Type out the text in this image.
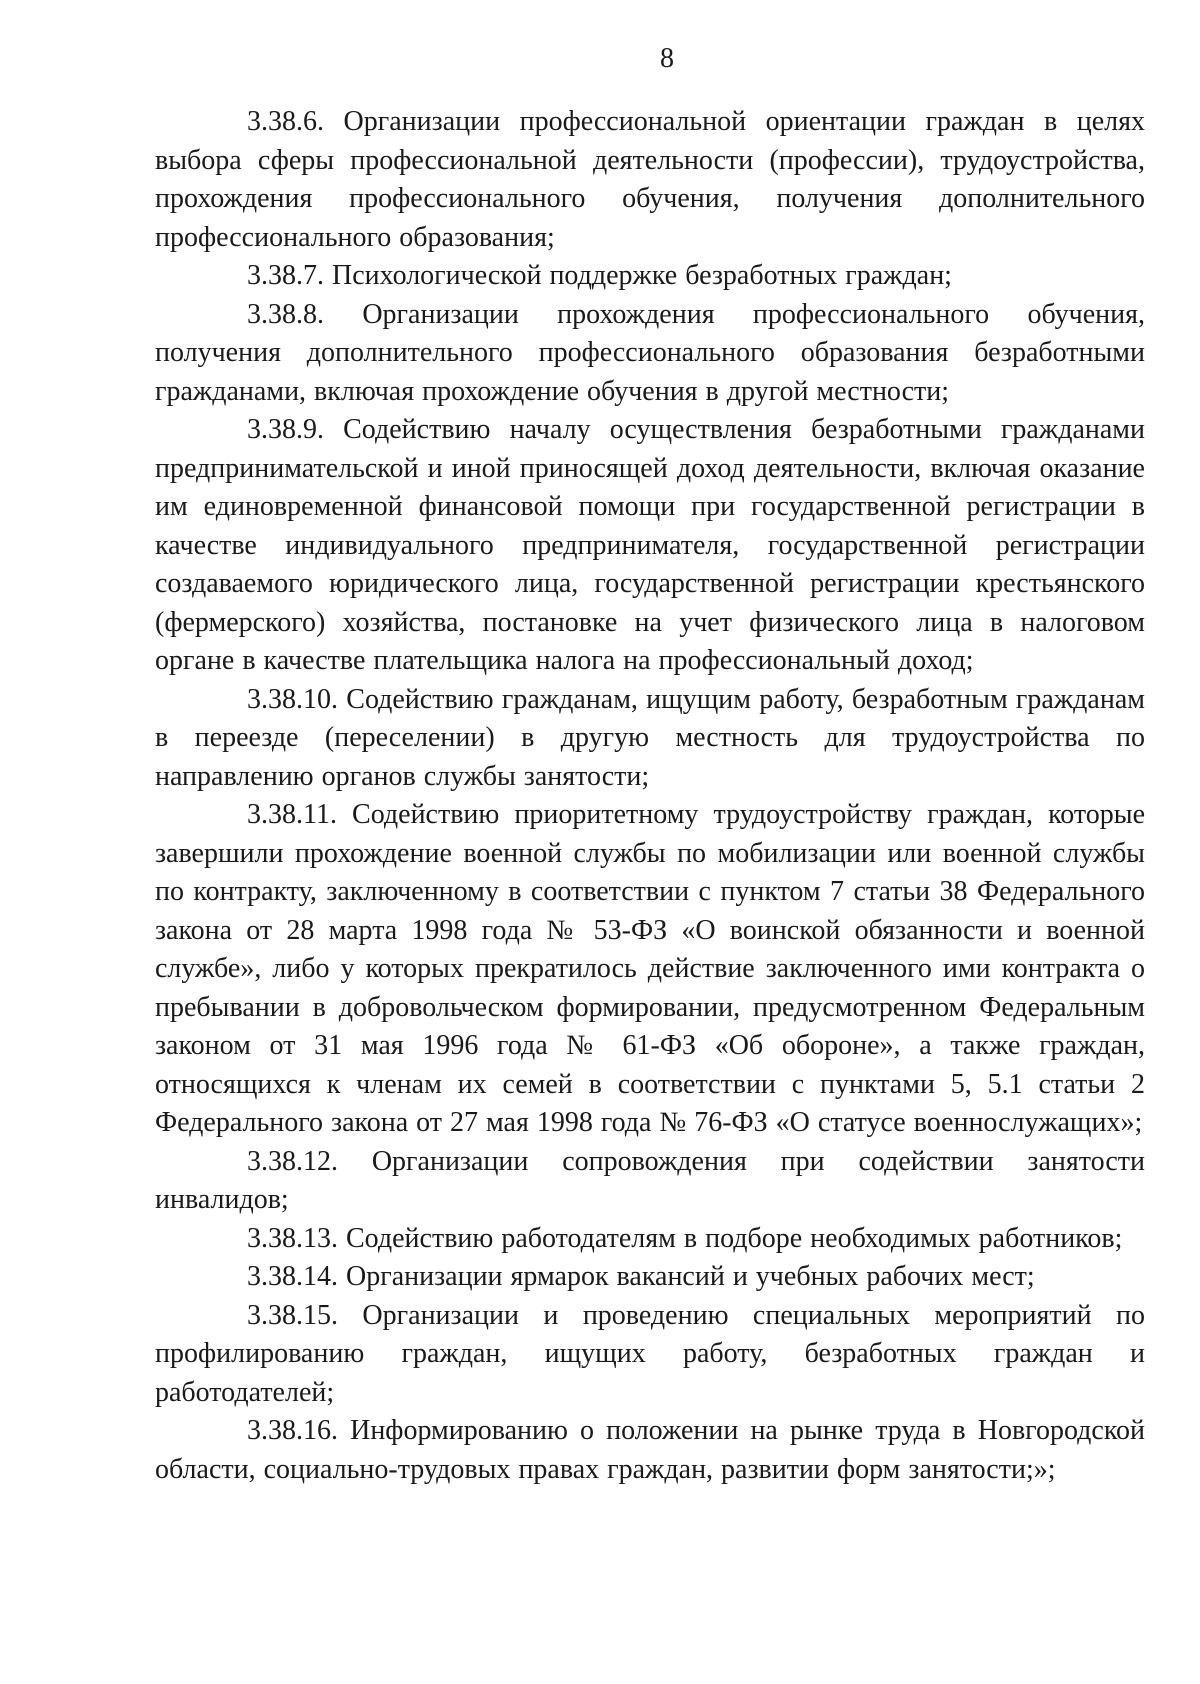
8

3.38.6. Организации профессиональной ориентации граждан в целях выбора сферы профессиональной деятельности (профессии), трудоустройства, прохождения профессионального обучения, получения дополнительного профессионального образования;

3.38.7. Психологической поддержке безработных граждан;

3.38.8. Организации прохождения профессионального обучения, получения дополнительного профессионального образования безработными гражданами, включая прохождение обучения в другой местности;

3.38.9. Содействию началу осуществления безработными гражданами предпринимательской и иной приносящей доход деятельности, включая оказание им единовременной финансовой помощи при государственной регистрации в качестве индивидуального предпринимателя, государственной регистрации создаваемого юридического лица, государственной регистрации крестьянского (фермерского) хозяйства, постановке на учет физического лица в налоговом органе в качестве плательщика налога на профессиональный доход;

3.38.10. Содействию гражданам, ищущим работу, безработным гражданам в переезде (переселении) в другую местность для трудоустройства по направлению органов службы занятости;

3.38.11. Содействию приоритетному трудоустройству граждан, которые завершили прохождение военной службы по мобилизации или военной службы по контракту, заключенному в соответствии с пунктом 7 статьи 38 Федерального закона от 28 марта 1998 года № 53-ФЗ «О воинской обязанности и военной службе», либо у которых прекратилось действие заключенного ими контракта о пребывании в добровольческом формировании, предусмотренном Федеральным законом от 31 мая 1996 года № 61-ФЗ «Об обороне», а также граждан, относящихся к членам их семей в соответствии с пунктами 5, 5.1 статьи 2 Федерального закона от 27 мая 1998 года № 76-ФЗ «О статусе военнослужащих»;

3.38.12. Организации сопровождения при содействии занятости инвалидов;

3.38.13. Содействию работодателям в подборе необходимых работников;

3.38.14. Организации ярмарок вакансий и учебных рабочих мест;

3.38.15. Организации и проведению специальных мероприятий по профилированию граждан, ищущих работу, безработных граждан и работодателей;

3.38.16. Информированию о положении на рынке труда в Новгородской области, социально-трудовых правах граждан, развитии форм занятости;»;
